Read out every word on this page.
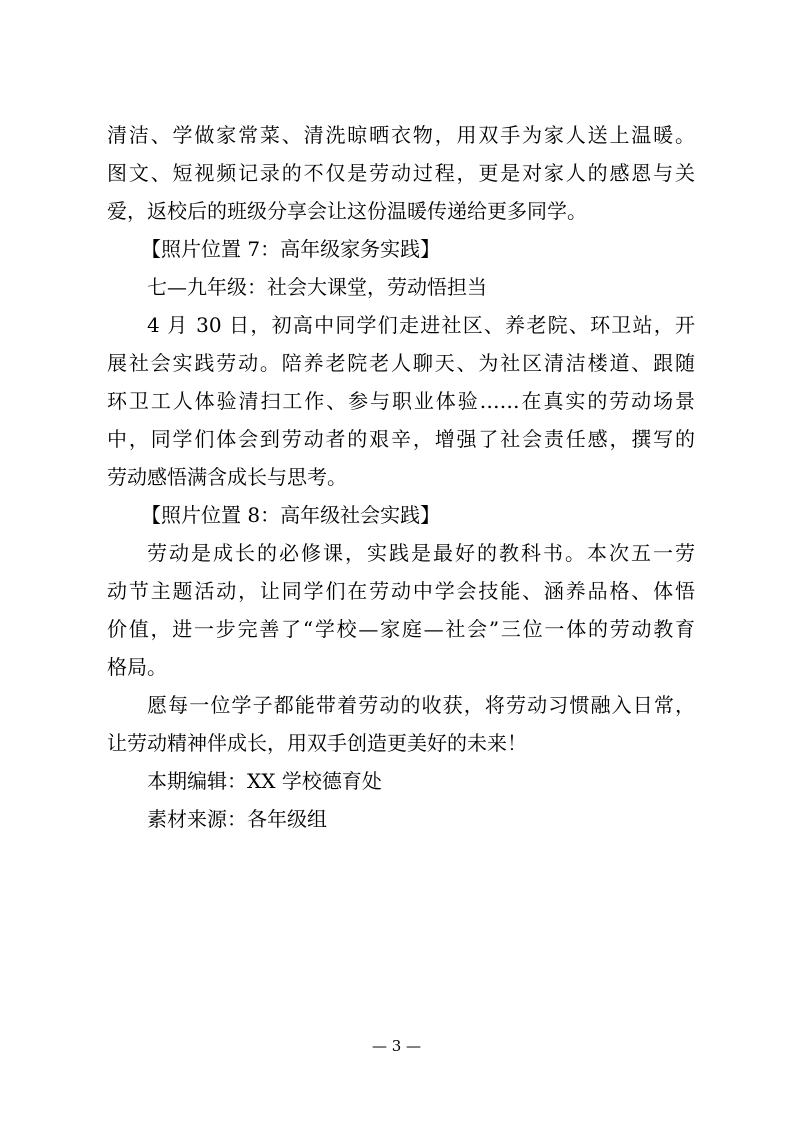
清洁、学做家常菜、清洗晾晒衣物，用双手为家人送上温暖。

图文、短视频记录的不仅是劳动过程，更是对家人的感恩与关

爱，返校后的班级分享会让这份温暖传递给更多同学。

【照片位置 7：高年级家务实践】

七—九年级：社会大课堂，劳动悟担当

4 月 30 日，初高中同学们走进社区、养老院、环卫站，开

展社会实践劳动。陪养老院老人聊天、为社区清洁楼道、跟随

环卫工人体验清扫工作、参与职业体验……在真实的劳动场景

中，同学们体会到劳动者的艰辛，增强了社会责任感，撰写的

劳动感悟满含成长与思考。

【照片位置 8：高年级社会实践】

劳动是成长的必修课，实践是最好的教科书。本次五一劳

动节主题活动，让同学们在劳动中学会技能、涵养品格、体悟

价值，进一步完善了“学校—家庭—社会”三位一体的劳动教育

格局。

愿每一位学子都能带着劳动的收获，将劳动习惯融入日常，

让劳动精神伴成长，用双手创造更美好的未来！

本期编辑：XX 学校德育处

素材来源：各年级组

— 3 —
